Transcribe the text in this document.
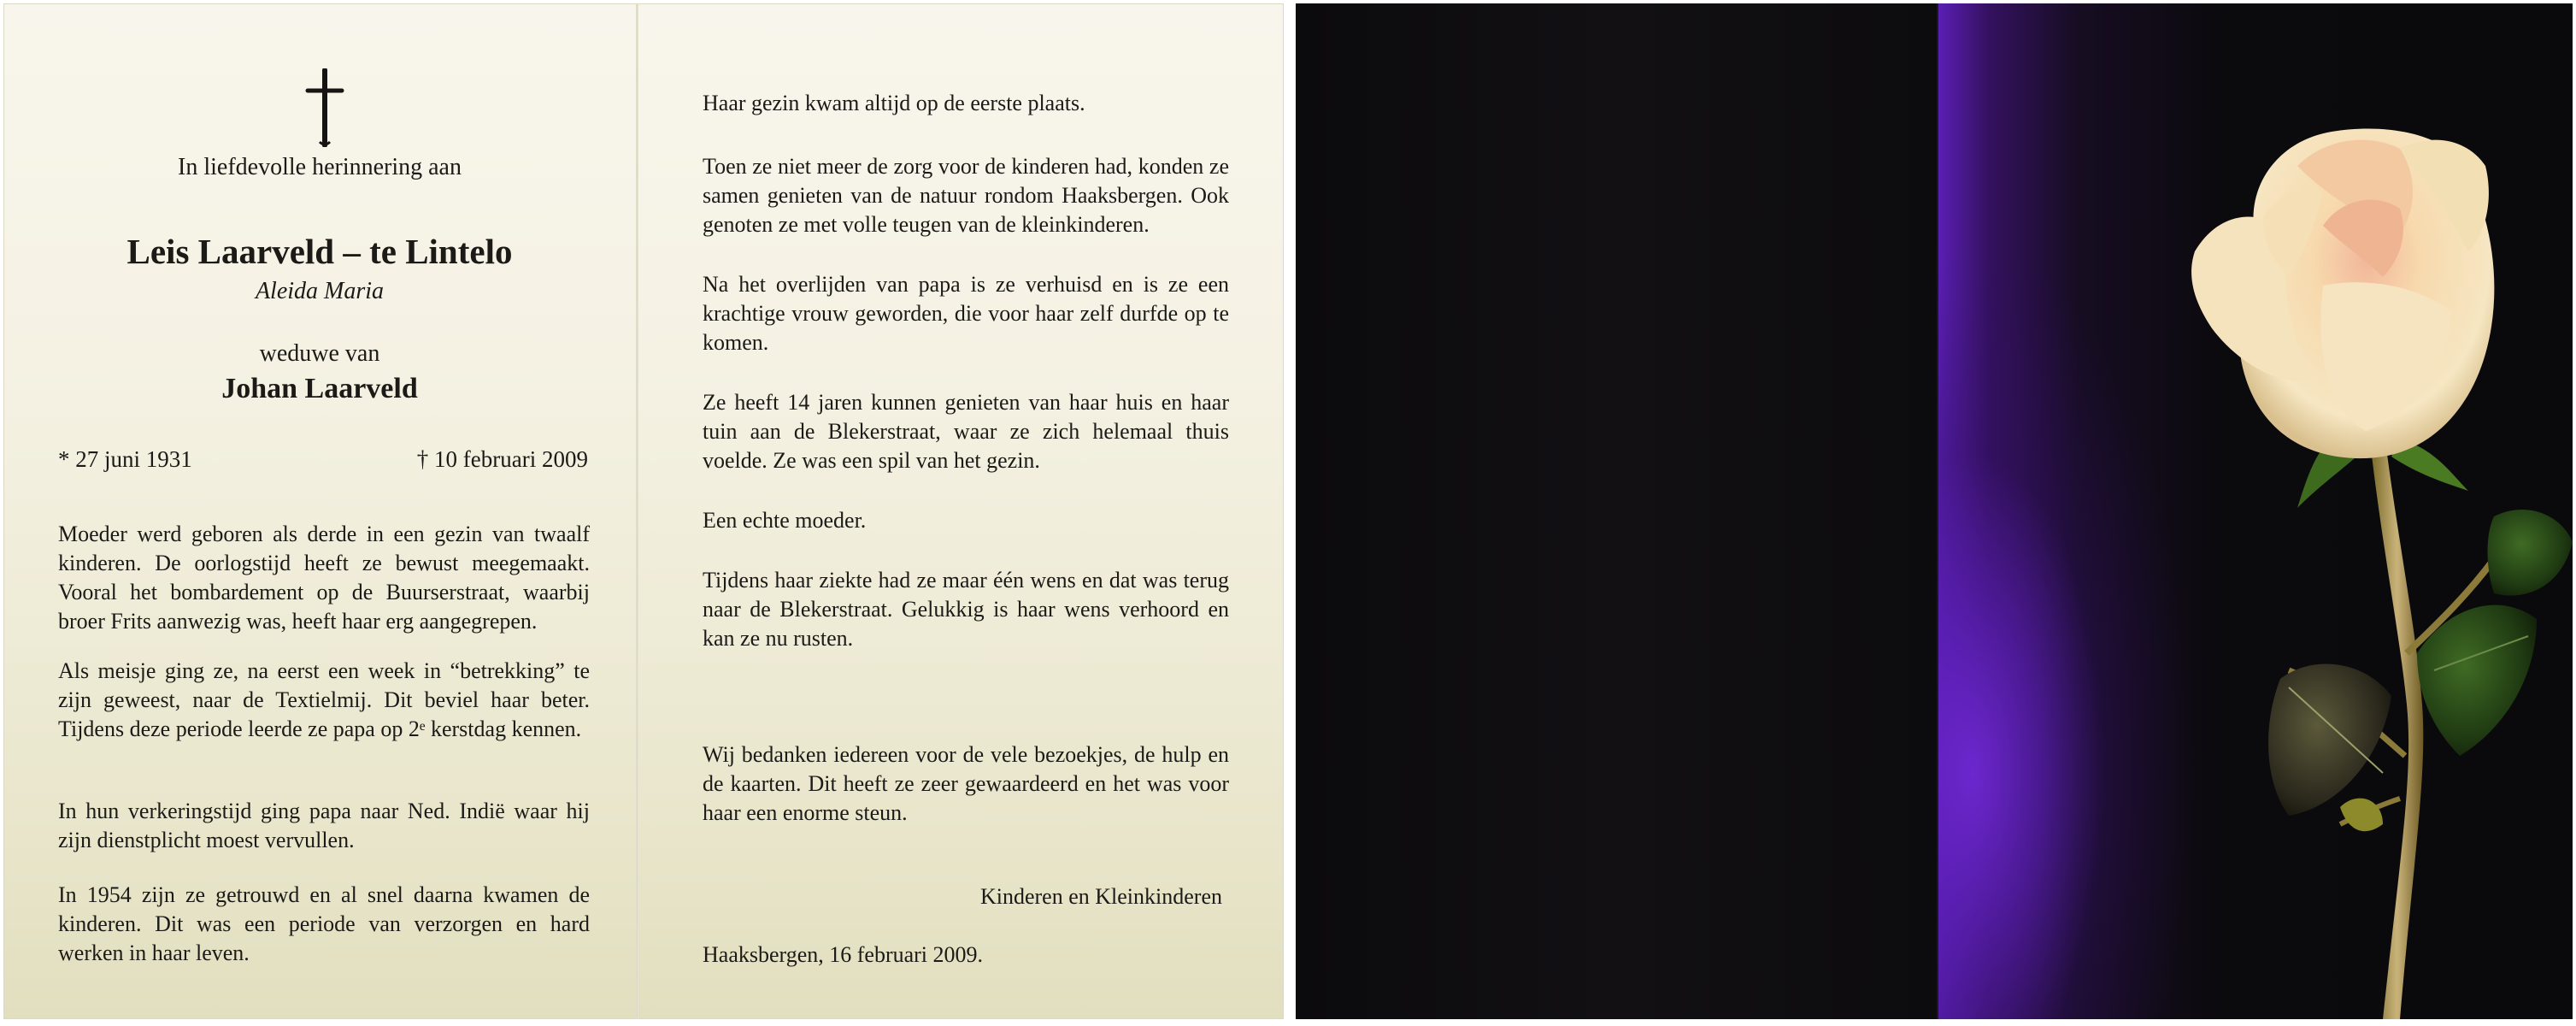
In liefdevolle herinnering aan
Leis Laarveld – te Lintelo
Aleida Maria
weduwe van
Johan Laarveld
* 27 juni 1931	† 10 februari 2009

Moeder werd geboren als derde in een gezin van twaalf kinderen. De oorlogstijd heeft ze bewust meegemaakt. Vooral het bombardement op de Buurserstraat, waarbij broer Frits aanwezig was, heeft haar erg aangegrepen.

Als meisje ging ze, na eerst een week in “betrekking” te zijn geweest, naar de Textielmij. Dit beviel haar beter. Tijdens deze periode leerde ze papa op 2ᵉ kerstdag kennen.

In hun verkeringstijd ging papa naar Ned. Indië waar hij zijn dienstplicht moest vervullen.

In 1954 zijn ze getrouwd en al snel daarna kwamen de kinderen. Dit was een periode van verzorgen en hard werken in haar leven.

Haar gezin kwam altijd op de eerste plaats.

Toen ze niet meer de zorg voor de kinderen had, konden ze samen genieten van de natuur rondom Haaksbergen. Ook genoten ze met volle teugen van de kleinkinderen.

Na het overlijden van papa is ze verhuisd en is ze een krachtige vrouw geworden, die voor haar zelf durfde op te komen.

Ze heeft 14 jaren kunnen genieten van haar huis en haar tuin aan de Blekerstraat, waar ze zich helemaal thuis voelde. Ze was een spil van het gezin.

Een echte moeder.

Tijdens haar ziekte had ze maar één wens en dat was terug naar de Blekerstraat. Gelukkig is haar wens verhoord en kan ze nu rusten.

Wij bedanken iedereen voor de vele bezoekjes, de hulp en de kaarten. Dit heeft ze zeer gewaardeerd en het was voor haar een enorme steun.

Kinderen en Kleinkinderen
Haaksbergen, 16 februari 2009.
